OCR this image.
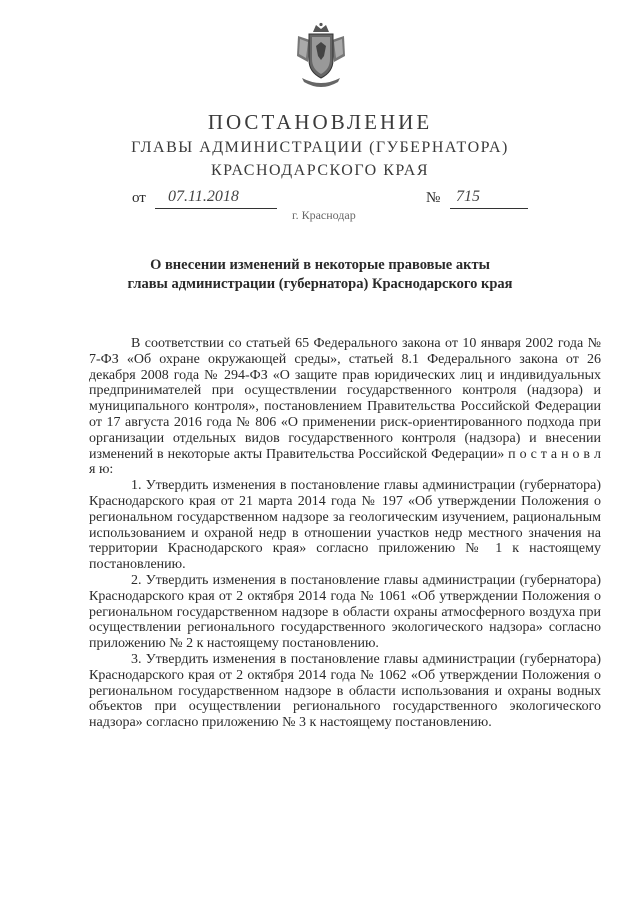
ПОСТАНОВЛЕНИЕ
ГЛАВЫ АДМИНИСТРАЦИИ (ГУБЕРНАТОРА)
КРАСНОДАРСКОГО КРАЯ
от 07.11.2018	№ 715
г. Краснодар
О внесении изменений в некоторые правовые акты
главы администрации (губернатора) Краснодарского края

В соответствии со статьей 65 Федерального закона от 10 января 2002 года № 7-ФЗ «Об охране окружающей среды», статьей 8.1 Федерального закона от 26 декабря 2008 года № 294-ФЗ «О защите прав юридических лиц и индивидуальных предпринимателей при осуществлении государственного контроля (надзора) и муниципального контроля», постановлением Правительства Российской Федерации от 17 августа 2016 года № 806 «О применении риск-ориентированного подхода при организации отдельных видов государственного контроля (надзора) и внесении изменений в некоторые акты Правительства Российской Федерации» п о с т а н о в л я ю:

1. Утвердить изменения в постановление главы администрации (губернатора) Краснодарского края от 21 марта 2014 года № 197 «Об утверждении Положения о региональном государственном надзоре за геологическим изучением, рациональным использованием и охраной недр в отношении участков недр местного значения на территории Краснодарского края» согласно приложению № 1 к настоящему постановлению.

2. Утвердить изменения в постановление главы администрации (губернатора) Краснодарского края от 2 октября 2014 года № 1061 «Об утверждении Положения о региональном государственном надзоре в области охраны атмосферного воздуха при осуществлении регионального государственного экологического надзора» согласно приложению № 2 к настоящему постановлению.

3. Утвердить изменения в постановление главы администрации (губернатора) Краснодарского края от 2 октября 2014 года № 1062 «Об утверждении Положения о региональном государственном надзоре в области использования и охраны водных объектов при осуществлении регионального государственного экологического надзора» согласно приложению № 3 к настоящему постановлению.
